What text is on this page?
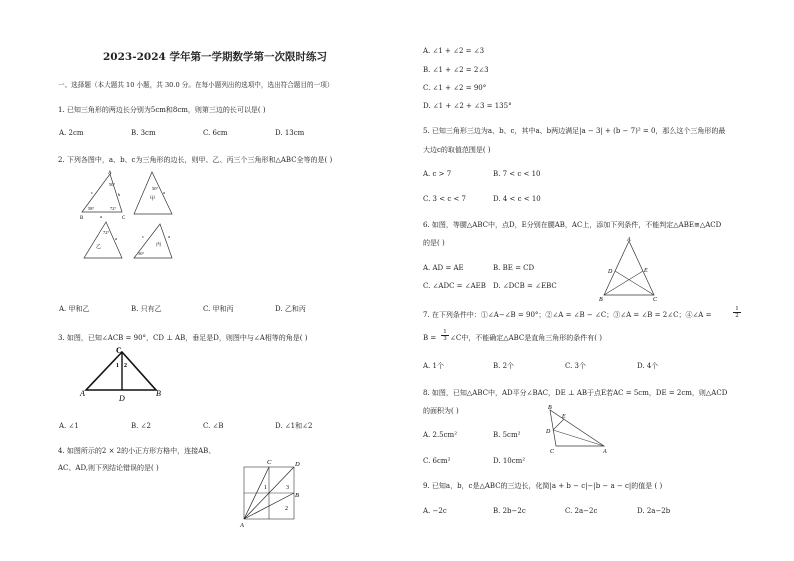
2023-2024 学年第一学期数学第一次限时练习
一、选择题（本大题共 10 小题，共 30.0 分。在每小题列出的选项中，选出符合题目的一项）
1. 已知三角形的两边长分别为5cm和8cm，则第三边的长可以是( )
A. 2cm	B. 3cm	C. 6cm	D. 13cm
2. 下列各图中，a、b、c为三角形的边长，则甲、乙、丙三个三角形和△ABC全等的是( )
B
A
C
50°
58°	72°
c	b
a
50°
甲
a
72°
乙
a
50°
丙
a
c
A. 甲和乙	B. 只有乙	C. 甲和丙	D. 乙和丙
3. 如图，已知∠ACB = 90°，CD ⊥ AB，垂足是D，则图中与∠A相等的角是( )
C
A	B
D
1 2
A. ∠1	B. ∠2	C. ∠B	D. ∠1和∠2
4. 如图所示的2 × 2的小正方形方格中，连接AB、
AC、AD,则下列结论错误的是( )
C	D
B
A
1	3
2
A. ∠1 + ∠2 = ∠3
B. ∠1 + ∠2 = 2∠3
C. ∠1 + ∠2 = 90°
D. ∠1 + ∠2 + ∠3 = 135°
5. 已知三角形三边为a、b、c，其中a、b两边满足|a − 3| + (b − 7)² = 0，那么这个三角形的最
大边c的取值范围是( )
A. c > 7	B. 7 < c < 10
C. 3 < c < 7	D. 4 < c < 10
6. 如图，等腰△ABC中，点D，E分别在腰AB，AC上，添加下列条件，不能判定△ABE≅△ACD
的是( )	A
B	C
D	E
A. AD = AE	B. BE = CD
C. ∠ADC = ∠AEB D. ∠DCB = ∠EBC
7. 在下列条件中：①∠A−∠B = 90°；②∠A = ∠B − ∠C；③∠A = ∠B = 2∠C；④∠A =	$\frac{1}{2}$
$B = \frac{1}{3}$ ∠C中，不能确定△ABC是直角三角形的条件有( )
A. 1个	B. 2个	C. 3个	D. 4个
8. 如图，已知△ABC中，AD平分∠BAC，DE ⊥ AB于点E若AC = 5cm，DE = 2cm，则△ACD
的面积为( )	B
E
D
C	A
A. 2.5cm²	B. 5cm²
C. 6cm²	D. 10cm²
9. 已知a，b，c是△ABC的三边长，化简|a + b − c|−|b − a − c|的值是 ( )
A. −2c	B. 2b−2c	C. 2a−2c	D. 2a−2b
